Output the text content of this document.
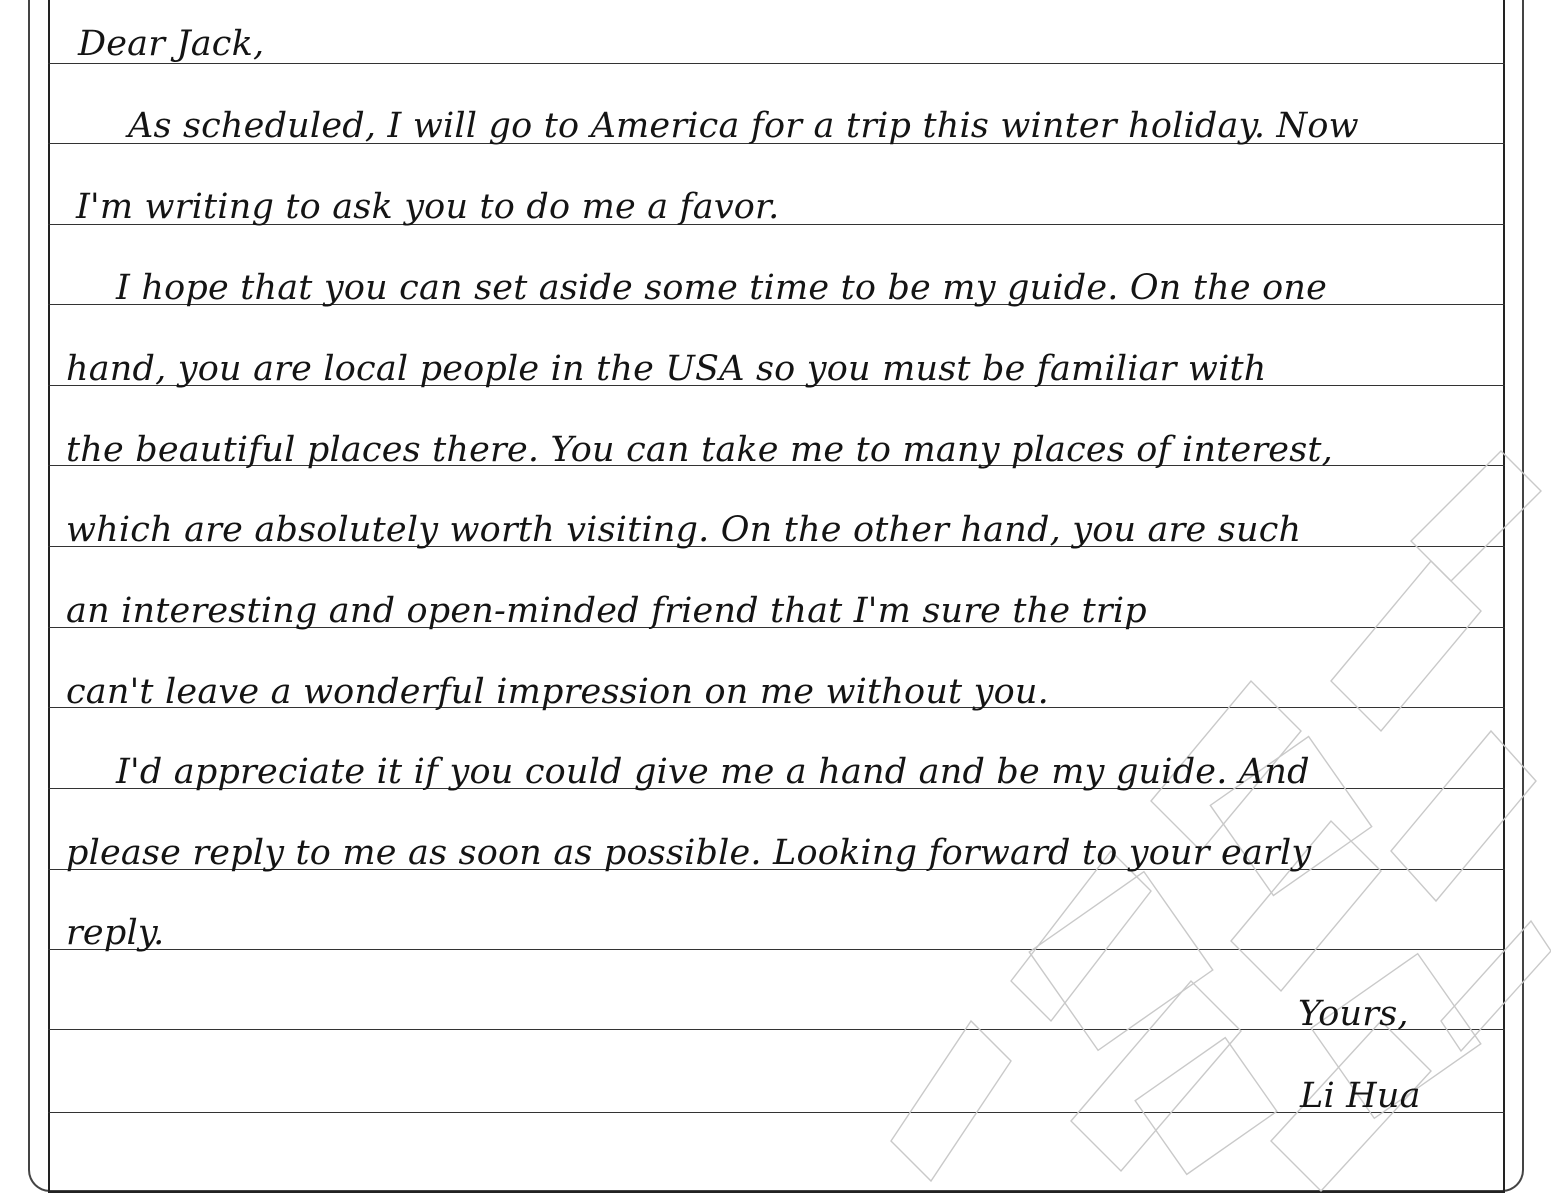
Dear Jack,
As scheduled, I will go to America for a trip this winter holiday. Now
I'm writing to ask you to do me a favor.
I hope that you can set aside some time to be my guide. On the one
hand, you are local people in the USA so you must be familiar with
the beautiful places there. You can take me to many places of interest,
which are absolutely worth visiting. On the other hand, you are such
an interesting and open-minded friend that I'm sure the trip
can't leave a wonderful impression on me without you.
I'd appreciate it if you could give me a hand and be my guide. And
please reply to me as soon as possible. Looking forward to your early
reply.
Yours,
Li Hua
